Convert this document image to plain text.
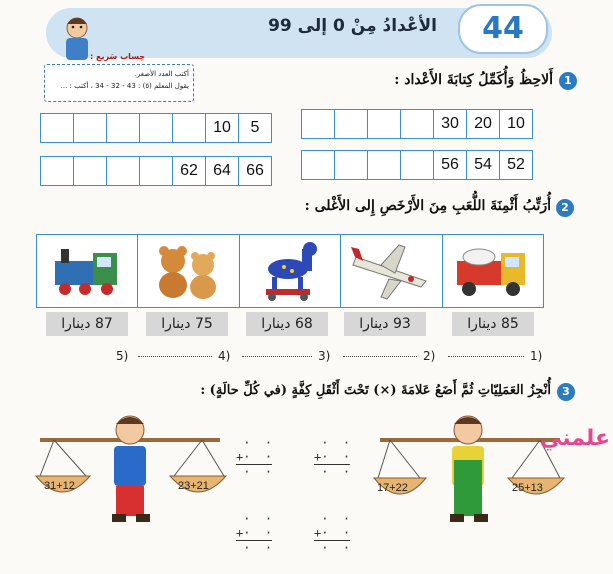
44
الأعْدادُ مِنْ 0 إلى 99
حِساب سَريع :
أكتب العدد الأصغر.
يقول المعلم (٥) : 43 - 32 - 34 ، أكتب : ...	1
أَلاحِظُ وَأُكَمِّلُ كِتابَةَ الأَعْداد :
30 20 10
10	5
56 54 52
62 64 66
2
أُرَتِّبُ أَثْمِنَةَ اللُّعَبِ مِنَ الأَرْخَصِ إِلى الأَغْلى :
85 دينارا
93 دينارا
68 دينارا
75 دينارا
87 دينارا
1)
2)
3)
4)
5)
3
أُنْجِزُ العَمَلِيّاتِ ثُمَّ أَضَعُ عَلامَةَ (×) تَحْتَ أَثْقَلِ كِفَّةٍ (في كُلِّ حالَةٍ) :
17+22	25+13
31+12	23+21
·  ·
+·  ·
·  ·
·  ·
+·  ·
·  ·
·  ·
+·  ·
·  ·
·  ·
+·  ·
·  ·
علمني
